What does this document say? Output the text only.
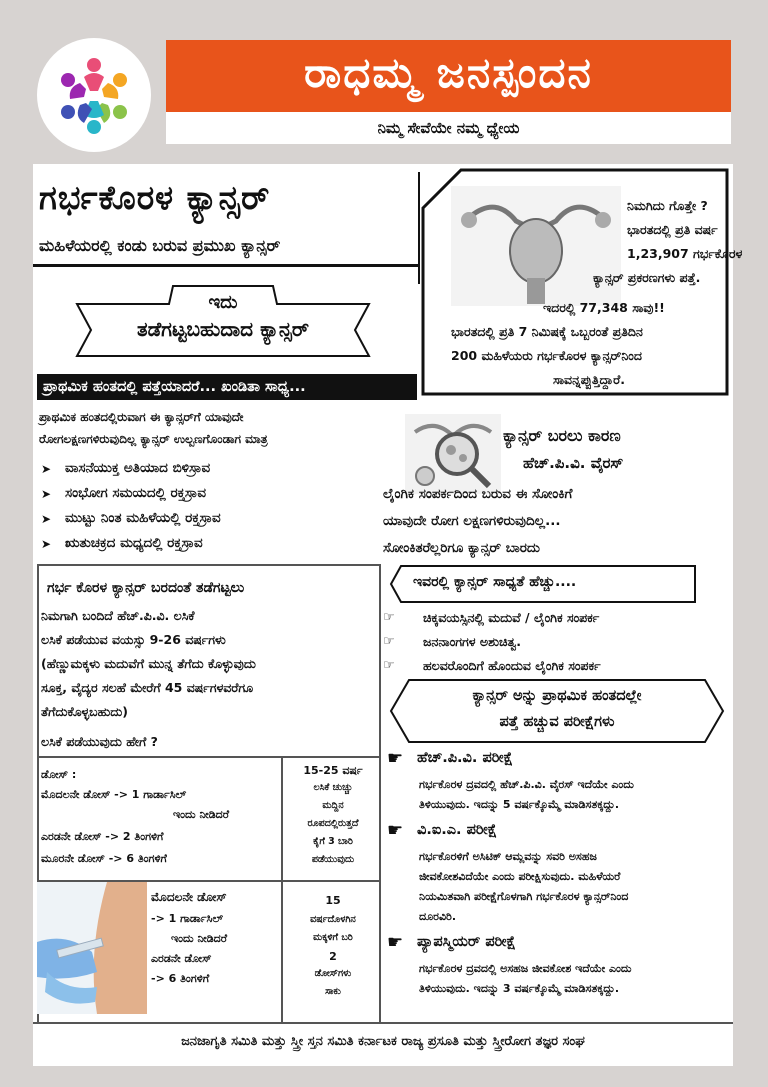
ರಾಧಮ್ಮ ಜನಸ್ಪಂದನ
ನಿಮ್ಮ ಸೇವೆಯೇ ನಮ್ಮ ಧ್ಯೇಯ
ಗರ್ಭಕೊರಳ ಕ್ಯಾನ್ಸರ್
ಮಹಿಳೆಯರಲ್ಲಿ ಕಂಡು ಬರುವ ಪ್ರಮುಖ ಕ್ಯಾನ್ಸರ್
ನಿಮಗಿದು ಗೊತ್ತೇ ?
ಭಾರತದಲ್ಲಿ ಪ್ರತಿ ವರ್ಷ
1,23,907 ಗರ್ಭಕೊರಳ
ಕ್ಯಾನ್ಸರ್ ಪ್ರಕರಣಗಳು ಪತ್ತೆ.
ಇದರಲ್ಲಿ 77,348 ಸಾವು!!
ಭಾರತದಲ್ಲಿ ಪ್ರತಿ 7 ನಿಮಿಷಕ್ಕೆ ಒಬ್ಬರಂತೆ ಪ್ರತಿದಿನ
200 ಮಹಿಳೆಯರು ಗರ್ಭಕೊರಳ ಕ್ಯಾನ್ಸರ್‌ನಿಂದ
ಸಾವನ್ನಪ್ಪುತ್ತಿದ್ದಾರೆ.
ಇದು
ತಡೆಗಟ್ಟಬಹುದಾದ ಕ್ಯಾನ್ಸರ್
ಪ್ರಾಥಮಿಕ ಹಂತದಲ್ಲಿ ಪತ್ತೆಯಾದರೆ... ಖಂಡಿತಾ ಸಾಧ್ಯ...
ಪ್ರಾಥಮಿಕ ಹಂತದಲ್ಲಿರುವಾಗ ಈ ಕ್ಯಾನ್ಸರ್‌ಗೆ ಯಾವುದೇ
ರೋಗಲಕ್ಷಣಗಳಿರುವುದಿಲ್ಲ ಕ್ಯಾನ್ಸರ್ ಉಲ್ಬಣಗೊಂಡಾಗ ಮಾತ್ರ
➤ ವಾಸನೆಯುಕ್ತ ಅತಿಯಾದ ಬಿಳಿಸ್ರಾವ
➤ ಸಂಭೋಗ ಸಮಯದಲ್ಲಿ ರಕ್ತಸ್ರಾವ
➤ ಮುಟ್ಟು ನಿಂತ ಮಹಿಳೆಯಲ್ಲಿ ರಕ್ತಸ್ರಾವ
➤ ಋತುಚಕ್ರದ ಮಧ್ಯದಲ್ಲಿ ರಕ್ತಸ್ರಾವ
ಕ್ಯಾನ್ಸರ್ ಬರಲು ಕಾರಣ
ಹೆಚ್.ಪಿ.ವಿ. ವೈರಸ್
ಲೈಂಗಿಕ ಸಂಪರ್ಕದಿಂದ ಬರುವ ಈ ಸೋಂಕಿಗೆ
ಯಾವುದೇ ರೋಗ ಲಕ್ಷಣಗಳಿರುವುದಿಲ್ಲ...
ಸೋಂಕಿತರೆಲ್ಲರಿಗೂ ಕ್ಯಾನ್ಸರ್ ಬಾರದು
ಗರ್ಭ ಕೊರಳ ಕ್ಯಾನ್ಸರ್ ಬರದಂತೆ ತಡೆಗಟ್ಟಲು
ನಿಮಗಾಗಿ ಬಂದಿದೆ ಹೆಚ್.ಪಿ.ವಿ. ಲಸಿಕೆ
ಲಸಿಕೆ ಪಡೆಯುವ ವಯಸ್ಸು 9-26 ವರ್ಷಗಳು
(ಹೆಣ್ಣುಮಕ್ಕಳು ಮದುವೆಗೆ ಮುನ್ನ ತೆಗೆದು ಕೊಳ್ಳುವುದು
ಸೂಕ್ತ, ವೈದ್ಯರ ಸಲಹೆ ಮೇರೆಗೆ 45 ವರ್ಷಗಳವರೆಗೂ
ತೆಗೆದುಕೊಳ್ಳಬಹುದು)
ಲಸಿಕೆ ಪಡೆಯುವುದು ಹೇಗೆ ?
ಡೋಸ್ :
ಮೊದಲನೇ ಡೋಸ್ -> 1 ಗಾರ್ಡಾಸಿಲ್
ಇಂದು ನೀಡಿದರೆ
ಎರಡನೇ ಡೋಸ್ -> 2 ತಿಂಗಳಿಗೆ
ಮೂರನೇ ಡೋಸ್ -> 6 ತಿಂಗಳಿಗೆ
15-25 ವರ್ಷ
ಲಸಿಕೆ ಚುಚ್ಚು
ಮದ್ದಿನ
ರೂಪದಲ್ಲಿರುತ್ತದೆ
ಕೈಗೆ 3 ಬಾರಿ
ಪಡೆಯುವುದು
ಮೊದಲನೇ ಡೋಸ್
-> 1 ಗಾರ್ಡಾಸಿಲ್
ಇಂದು ನೀಡಿದರೆ
ಎರಡನೇ ಡೋಸ್
-> 6 ತಿಂಗಳಿಗೆ
15
ವರ್ಷದೊಳಗಿನ
ಮಕ್ಕಳಿಗೆ ಬರಿ
2
ಡೋಸ್‌ಗಳು
ಸಾಕು
ಇವರಲ್ಲಿ ಕ್ಯಾನ್ಸರ್ ಸಾಧ್ಯತೆ ಹೆಚ್ಚು....
☞ ಚಿಕ್ಕವಯಸ್ಸಿನಲ್ಲಿ ಮದುವೆ / ಲೈಂಗಿಕ ಸಂಪರ್ಕ
☞ ಜನನಾಂಗಗಳ ಅಶುಚಿತ್ವ.
☞ ಹಲವರೊಂದಿಗೆ ಹೊಂದುವ ಲೈಂಗಿಕ ಸಂಪರ್ಕ
ಕ್ಯಾನ್ಸರ್ ಅನ್ನು ಪ್ರಾಥಮಿಕ ಹಂತದಲ್ಲೇ
ಪತ್ತೆ ಹಚ್ಚುವ ಪರೀಕ್ಷೆಗಳು
☛ ಹೆಚ್.ಪಿ.ವಿ. ಪರೀಕ್ಷೆ
ಗರ್ಭಕೊರಳ ದ್ರವದಲ್ಲಿ ಹೆಚ್.ಪಿ.ವಿ. ವೈರಸ್ ಇದೆಯೇ ಎಂದು
ತಿಳಿಯುವುದು. ಇದನ್ನು 5 ವರ್ಷಕ್ಕೊಮ್ಮೆ ಮಾಡಿಸತಕ್ಕದ್ದು.
☛ ವಿ.ಐ.ಎ. ಪರೀಕ್ಷೆ
ಗರ್ಭಕೊರಳಿಗೆ ಅಸಿಟಿಕ್ ಆಮ್ಲವನ್ನು ಸವರಿ ಅಸಹಜ
ಜೀವಕೋಶವಿದೆಯೇ ಎಂದು ಪರೀಕ್ಷಿಸುವುದು. ಮಹಿಳೆಯರೆ
ನಿಯಮಿತವಾಗಿ ಪರೀಕ್ಷೆಗೊಳಗಾಗಿ ಗರ್ಭಕೊರಳ ಕ್ಯಾನ್ಸರ್‌ನಿಂದ
ದೂರವಿರಿ.
☛ ಪ್ಯಾಪಸ್ಮಿಯರ್ ಪರೀಕ್ಷೆ
ಗರ್ಭಕೊರಳ ದ್ರವದಲ್ಲಿ ಅಸಹಜ ಜೀವಕೋಶ ಇದೆಯೇ ಎಂದು
ತಿಳಿಯುವುದು. ಇದನ್ನು 3 ವರ್ಷಕ್ಕೊಮ್ಮೆ ಮಾಡಿಸತಕ್ಕದ್ದು.
ಜನಜಾಗೃತಿ ಸಮಿತಿ ಮತ್ತು ಸ್ತ್ರೀ ಸ್ತನ ಸಮಿತಿ ಕರ್ನಾಟಕ ರಾಜ್ಯ ಪ್ರಸೂತಿ ಮತ್ತು ಸ್ತ್ರೀರೋಗ ತಜ್ಞರ ಸಂಘ
